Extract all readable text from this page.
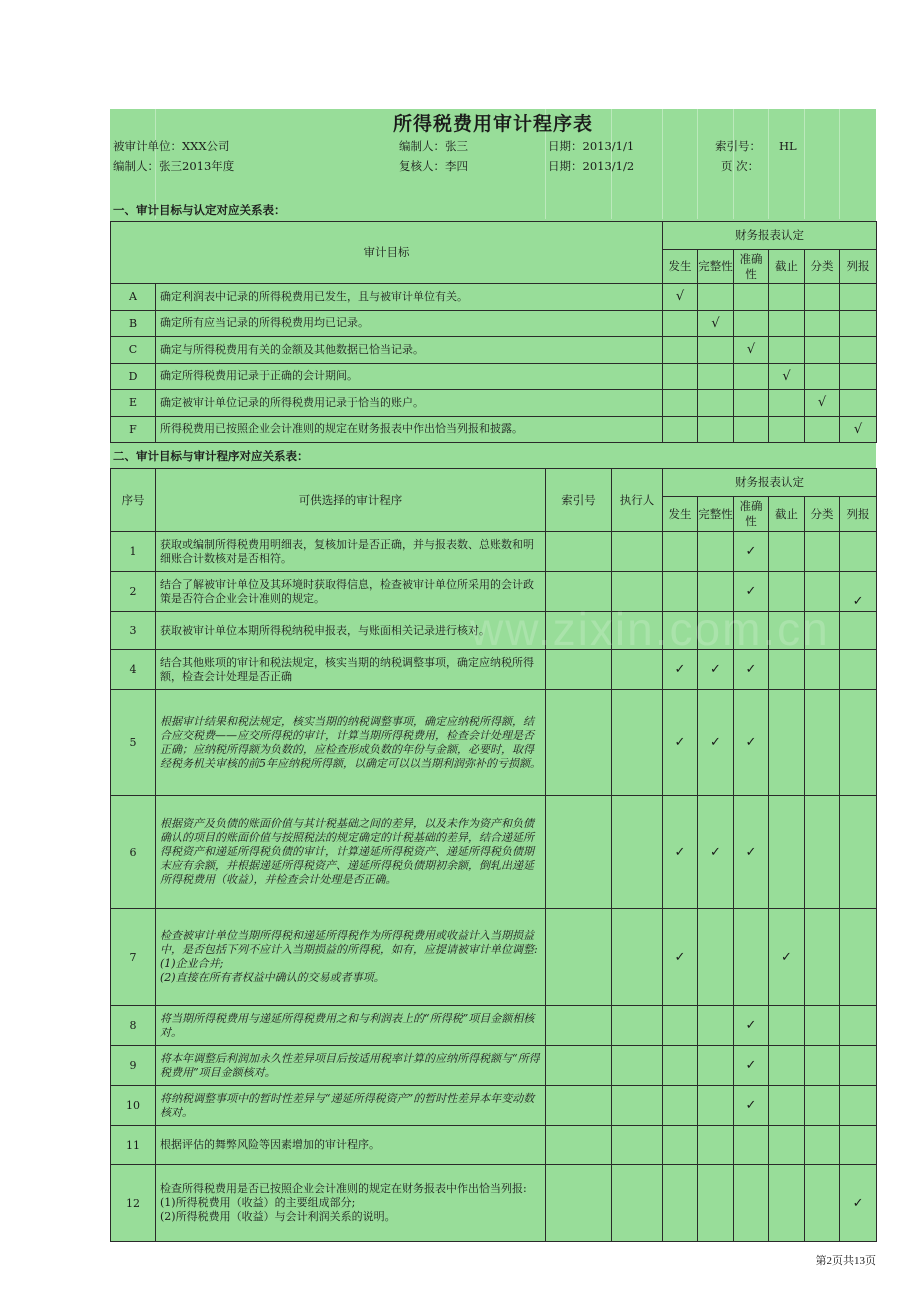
所得税费用审计程序表
被审计单位：XXX公司	编制人：张三	日期：2013/1/1	索引号： HL
编制人：张三2013年度	复核人：李四	日期：2013/1/2	页 次：
一、审计目标与认定对应关系表：
审计目标		财务报表认定					
		发生	完整性	准确性	截止	分类	列报
A	确定利润表中记录的所得税费用已发生，且与被审计单位有关。	√					
B	确定所有应当记录的所得税费用均已记录。		√				
C	确定与所得税费用有关的金额及其他数据已恰当记录。			√			
D	确定所得税费用记录于正确的会计期间。				√		
E	确定被审计单位记录的所得税费用记录于恰当的账户。					√	
F	所得税费用已按照企业会计准则的规定在财务报表中作出恰当列报和披露。						√
二、审计目标与审计程序对应关系表：
序号	可供选择的审计程序	索引号	执行人	财务报表认定					
				发生	完整性	准确性	截止	分类	列报
1	获取或编制所得税费用明细表，复核加计是否正确，并与报表数、总账数和明细账合计数核对是否相符。					✓			
2	结合了解被审计单位及其环境时获取得信息，检查被审计单位所采用的会计政策是否符合企业会计准则的规定。					✓			✓
3	获取被审计单位本期所得税纳税申报表，与账面相关记录进行核对。								
4	结合其他账项的审计和税法规定，核实当期的纳税调整事项，确定应纳税所得额，检查会计处理是否正确			✓	✓	✓			
5	根据审计结果和税法规定，核实当期的纳税调整事项，确定应纳税所得额，结合应交税费——应交所得税的审计，计算当期所得税费用，检查会计处理是否正确；应纳税所得额为负数的，应检查形成负数的年份与金额，必要时，取得经税务机关审核的前5年应纳税所得额，以确定可以以当期利润弥补的亏损额。			✓	✓	✓			
6	根据资产及负债的账面价值与其计税基础之间的差异，以及未作为资产和负债确认的项目的账面价值与按照税法的规定确定的计税基础的差异，结合递延所得税资产和递延所得税负债的审计，计算递延所得税资产、递延所得税负债期末应有余额，并根据递延所得税资产、递延所得税负债期初余额，倒轧出递延所得税费用（收益），并检查会计处理是否正确。			✓	✓	✓			
7	检查被审计单位当期所得税和递延所得税作为所得税费用或收益计入当期损益中，是否包括下列不应计入当期损益的所得税，如有，应提请被审计单位调整:
(1)企业合并;
(2)直接在所有者权益中确认的交易或者事项。			✓			✓		
8	将当期所得税费用与递延所得税费用之和与利润表上的“所得税”项目金额相核对。					✓			
9	将本年调整后利润加永久性差异项目后按适用税率计算的应纳所得税额与“所得税费用”项目金额核对。					✓			
10	将纳税调整事项中的暂时性差异与“递延所得税资产”的暂时性差异本年变动数核对。					✓			
11	根据评估的舞弊风险等因素增加的审计程序。								
12	检查所得税费用是否已按照企业会计准则的规定在财务报表中作出恰当列报:
(1)所得税费用（收益）的主要组成部分;
(2)所得税费用（收益）与会计利润关系的说明。								✓
第2页共13页
